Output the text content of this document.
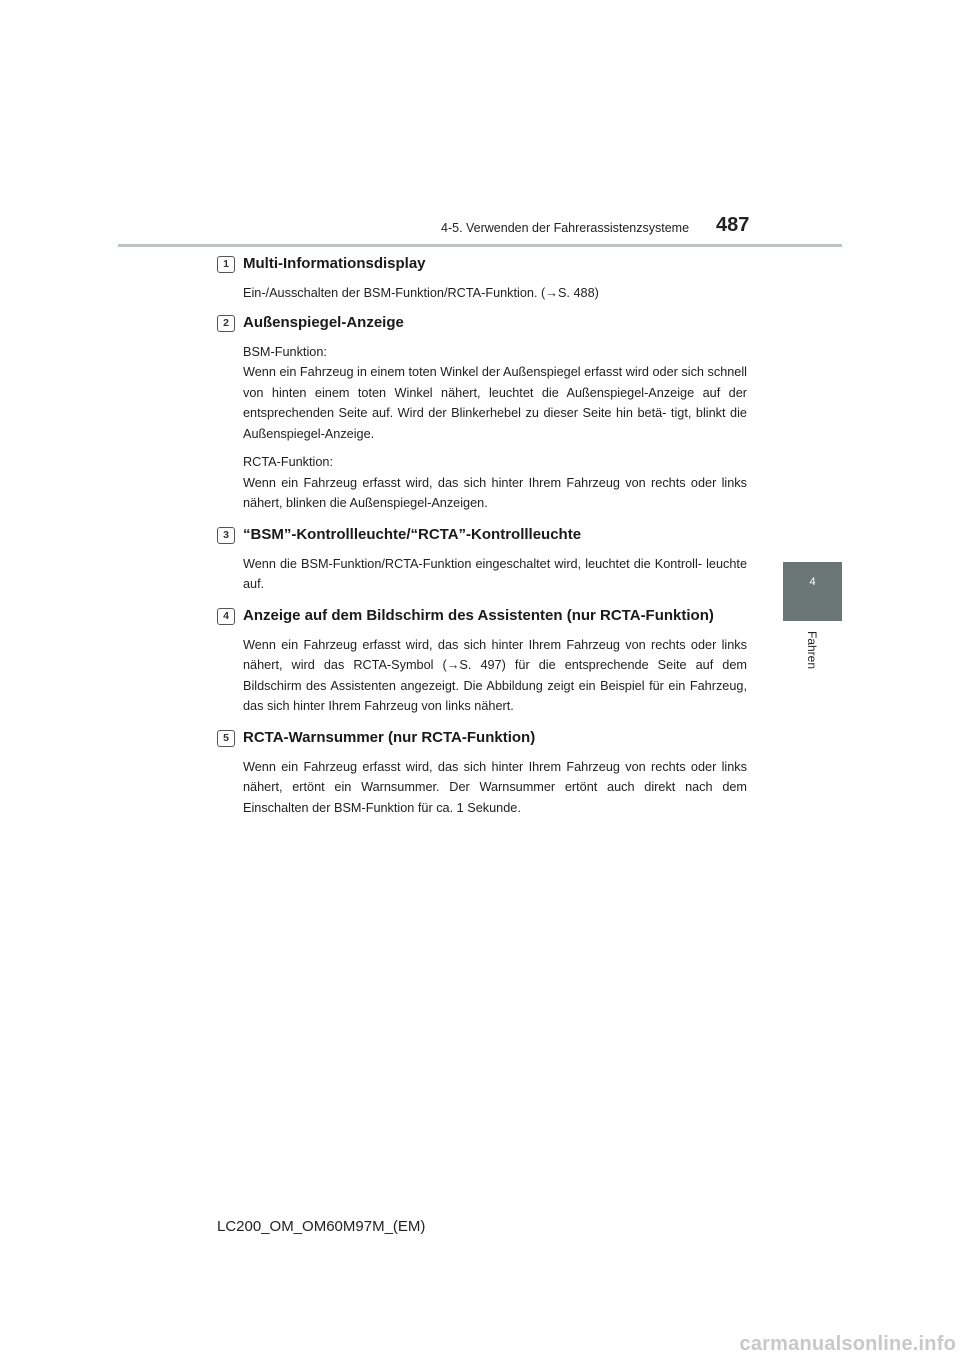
4-5. Verwenden der Fahrerassistenzsysteme 487
4
Fahren
1 Multi-Informationsdisplay

Ein-/Ausschalten der BSM-Funktion/RCTA-Funktion. (→S. 488)

2 Außenspiegel-Anzeige

BSM-Funktion:

Wenn ein Fahrzeug in einem toten Winkel der Außenspiegel erfasst wird oder sich schnell von hinten einem toten Winkel nähert, leuchtet die Außenspiegel-Anzeige auf der entsprechenden Seite auf. Wird der Blinkerhebel zu dieser Seite hin betä- tigt, blinkt die Außenspiegel-Anzeige.

RCTA-Funktion:

Wenn ein Fahrzeug erfasst wird, das sich hinter Ihrem Fahrzeug von rechts oder links nähert, blinken die Außenspiegel-Anzeigen.

3 “BSM”-Kontrollleuchte/“RCTA”-Kontrollleuchte

Wenn die BSM-Funktion/RCTA-Funktion eingeschaltet wird, leuchtet die Kontroll- leuchte auf.

4 Anzeige auf dem Bildschirm des Assistenten (nur RCTA-Funktion)

Wenn ein Fahrzeug erfasst wird, das sich hinter Ihrem Fahrzeug von rechts oder links nähert, wird das RCTA-Symbol (→S. 497) für die entsprechende Seite auf dem Bildschirm des Assistenten angezeigt. Die Abbildung zeigt ein Beispiel für ein Fahrzeug, das sich hinter Ihrem Fahrzeug von links nähert.

5 RCTA-Warnsummer (nur RCTA-Funktion)

Wenn ein Fahrzeug erfasst wird, das sich hinter Ihrem Fahrzeug von rechts oder links nähert, ertönt ein Warnsummer. Der Warnsummer ertönt auch direkt nach dem Einschalten der BSM-Funktion für ca. 1 Sekunde.

LC200_OM_OM60M97M_(EM)
carmanualsonline.info
